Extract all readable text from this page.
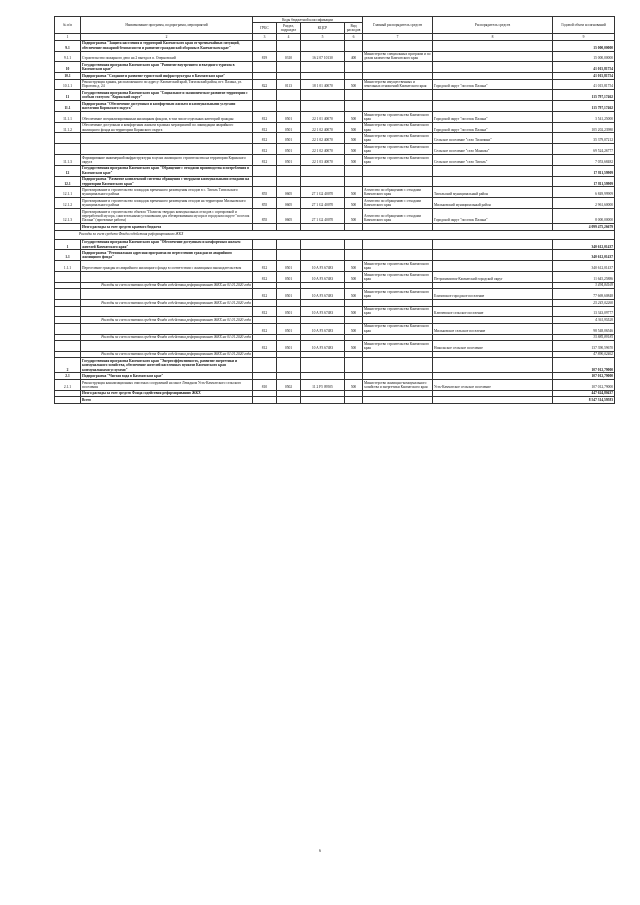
№ п/п	Наименование программ, подпрограмм, мероприятий	Коды бюджетной классификации				Главный распорядитель средств	Распорядитель средств	Годовой объем ассигнований
		ГРБС	Раздел, подраздел	КЦСР	Вид расходов			
1	2	3	4	5	6	7	8	9
9.1	Подпрограмма "Защита населения и территорий Камчатского края от чрезвычайных ситуаций, обеспечение пожарной безопасности и развитие гражданской обороны в Камчатском крае"							15 000,00000
9.1.1	Строительство пожарного депо на 2 выезда в п. Озерновский	819	0310	16 2 07 10130	400	Министерство специальных программ и по делам казачества Камчатского края		15 000,00000
10	Государственная программа Камчатского края "Развитие внутреннего и въездного туризма в Камчатском крае"							41 015,81754
10.1	Подпрограмма "Создание и развитие туристской инфраструктуры в Камчатском крае"							41 015,81754
10.1.1	Реконструкция здания, расположенного по адресу: Камчатский край, Тигильский район, пгт. Палана, ул. Поротова д. 24	822	0113	18 1 01 40070	500	Министерство имущественных и земельных отношений Камчатского края	Городской округ "поселок Палана"	41 015,81754
11	Государственная программа Камчатского края "Социальное и экономическое развитие территории с особым статусом "Корякский округ"							115 797,17462
11.1	Подпрограмма "Обеспечение доступным и комфортным жильем и коммунальными услугами населения Корякского округа"							115 797,17462
11.1.1	Обеспечение специализированным жилищным фондом, в том числе отдельных категорий граждан	812	0501	22 1 01 40070	500	Министерство строительства Камчатского края	Городской округ "поселок Палана"	3 541,25000
11.1.2	Обеспечение доступным и комфортным жильем в рамках мероприятий по ликвидации аварийного жилищного фонда на территории Корякского округа	812	0501	22 1 02 40070	500	Министерство строительства Камчатского края	Городской округ "поселок Палана"	105 202,23980
		812	0501	22 1 02 40070	500	Министерство строительства Камчатского края	Сельское поселение "село Тиличики"	35 379,07212
		812	0501	22 1 02 40070	500	Министерство строительства Камчатского края	Сельское поселение "село Манилы"	69 524,26777
11.1.3	Формирование инженерной инфраструктуры в целях жилищного строительства на территории Корякского округа	812	0501	22 1 03 40070	500	Министерство строительства Камчатского края	Сельское поселение "село Тигиль"	7 053,68482
12	Государственная программа Камчатского края "Обращение с отходами производства и потребления в Камчатском крае"							17 811,59909
12.1	Подпрограмма "Развитие комплексной системы обращения с твердыми коммунальными отходами на территории Камчатского края"							17 811,59909
12.1.1	Проектирование и строительство площадок временного размещения отходов в с. Тигиль Тигильского муниципального района	855	0605	27 1 G2 40070	500	Агентство по обращению с отходами Камчатского края	Тигильский муниципальный район	6 849,99909
12.1.2	Проектирование и строительство площадок временного размещения отходов на территории Мильковского муниципального района	855	0605	27 1 G2 40070	500	Агентство по обращению с отходами Камчатского края	Мильковский муниципальный район	2 961,60000
12.1.3	Проектирование и строительство объекта "Полигон твердых коммунальных отходов с сортировкой и переработкой мусора, сжигательными установками для обезвреживания мусора в городском округе "поселок Палана" (проектные работы)	855	0605	27 1 G2 40070	500	Агентство по обращению с отходами Камчатского края	Городской округ "поселок Палана"	8 000,00000
	Итого расходы за счет средств краевого бюджета							4 099 475,26679
Расходы за счет средств Фонда содействия реформированию ЖКХ								
1	Государственная программа Камчатского края "Обеспечение доступным и комфортным жильем жителей Камчатского края"							340 612,01437
1.1	Подпрограмма "Региональная адресная программа по переселению граждан из аварийного жилищного фонда"							340 612,01437
1.1.1	Переселение граждан из аварийного жилищного фонда в соответствии с жилищным законодательством	812	0501	10 A F3 67483	500	Министерство строительства Камчатского края		340 612,01437
		812	0501	10 A F3 67483	500	Министерство строительства Камчатского края	Петропавловск-Камчатский городской округ	11 645,25886
	Расходы за счет остатков средств Фонда содействия реформированию ЖКХ на 01.01.2020 года							3 494,84169
		812	0501	10 A F3 67483	500	Министерство строительства Камчатского края	Елизовское городское поселение	77 669,60848
	Расходы за счет остатков средств Фонда содействия реформированию ЖКХ на 01.01.2020 года							25 243,02260
		812	0501	10 A F3 67483	500	Министерство строительства Камчатского края	Ключевское сельское поселение	13 343,09777
	Расходы за счет остатков средств Фонда содействия реформированию ЖКХ на 01.01.2020 года							4 361,95520
		812	0501	10 A F3 67483	500	Министерство строительства Камчатского края	Мильковское сельское поселение	98 548,06546
	Расходы за счет остатков средств Фонда содействия реформированию ЖКХ на 01.01.2020 года							35 885,89185
		812	0501	10 A F3 67483	500	Министерство строительства Камчатского края	Никольское сельское поселение	137 390,59670
	Расходы за счет остатков средств Фонда содействия реформированию ЖКХ на 01.01.2020 года							47 890,02462
2	Государственная программа Камчатского края "Энергоэффективность, развитие энергетики и коммунального хозяйства, обеспечение жителей населенных пунктов Камчатского края коммунальными услугами"							107 012,79000
2.1	Подпрограмма "Чистая вода в Камчатском крае"							107 012,79000
2.1.1	Реконструкция канализационных очистных сооружений на мысе Левадном Усть-Камчатского сельского поселения	810	0502	11 2 F5 09505	500	Министерство жилищно-коммунального хозяйства и энергетики Камчатского края	Усть-Камчатское сельское поселение	107 012,79000
	Итого расходы за счет средств Фонда содействия реформированию ЖКХ							447 624,80437
	Всего							8 547 314,59583
6
